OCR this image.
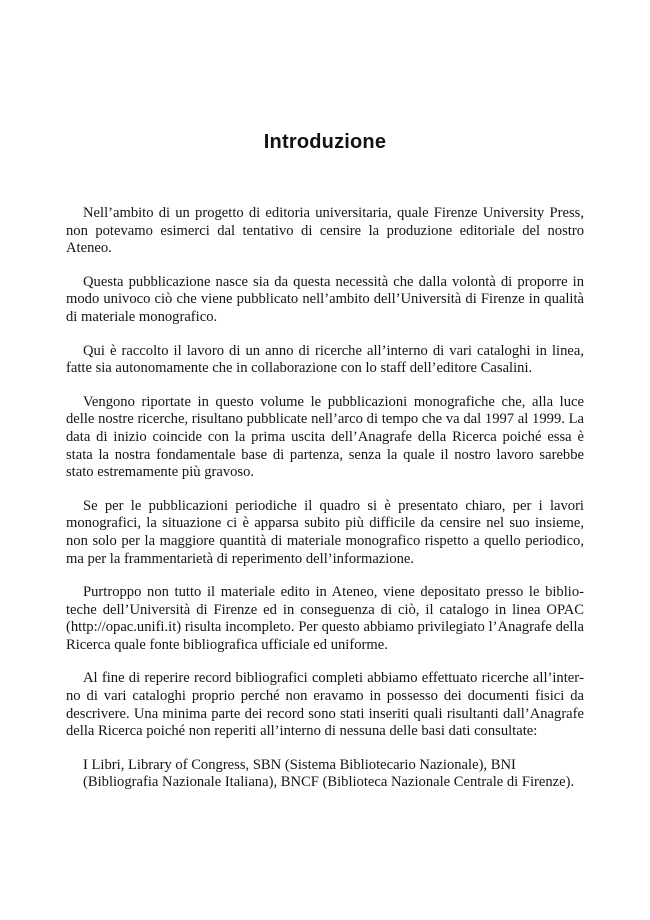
Introduzione

Nell’ambito di un progetto di editoria universitaria, quale Firenze University Press, non potevamo esimerci dal tentativo di censire la produzione editoriale del nostro Ateneo.

Questa pubblicazione nasce sia da questa necessità che dalla volontà di proporre in modo univoco ciò che viene pubblicato nell’ambito dell’Università di Firenze in qualità di materiale monografico.

Qui è raccolto il lavoro di un anno di ricerche all’interno di vari cataloghi in linea, fatte sia autonomamente che in collaborazione con lo staff dell’editore Casalini.

Vengono riportate in questo volume le pubblicazioni monografiche che, alla luce delle nostre ricerche, risultano pubblicate nell’arco di tempo che va dal 1997 al 1999. La data di inizio coincide con la prima uscita dell’Anagrafe della Ricerca poiché essa è stata la nostra fondamentale base di partenza, senza la quale il nostro lavoro sarebbe stato estremamente più gravoso.

Se per le pubblicazioni periodiche il quadro si è presentato chiaro, per i lavori monografici, la situazione ci è apparsa subito più difficile da censire nel suo insieme, non solo per la maggiore quantità di materiale monografico rispetto a quello periodico, ma per la frammentarietà di reperimento dell’informazione.

Purtroppo non tutto il materiale edito in Ateneo, viene depositato presso le biblioteche dell’Università di Firenze ed in conseguenza di ciò, il catalogo in linea OPAC (http://opac.unifi.it) risulta incompleto. Per questo abbiamo privilegiato l’Anagrafe della Ricerca quale fonte bibliografica ufficiale ed uniforme.

Al fine di reperire record bibliografici completi abbiamo effettuato ricerche all’interno di vari cataloghi proprio perché non eravamo in possesso dei documenti fisici da descrivere. Una minima parte dei record sono stati inseriti quali risultanti dall’Anagrafe della Ricerca poiché non reperiti all’interno di nessuna delle basi dati consultate:

I Libri, Library of Congress, SBN (Sistema Bibliotecario Nazionale), BNI (Bibliografia Nazionale Italiana), BNCF (Biblioteca Nazionale Centrale di Firenze).
